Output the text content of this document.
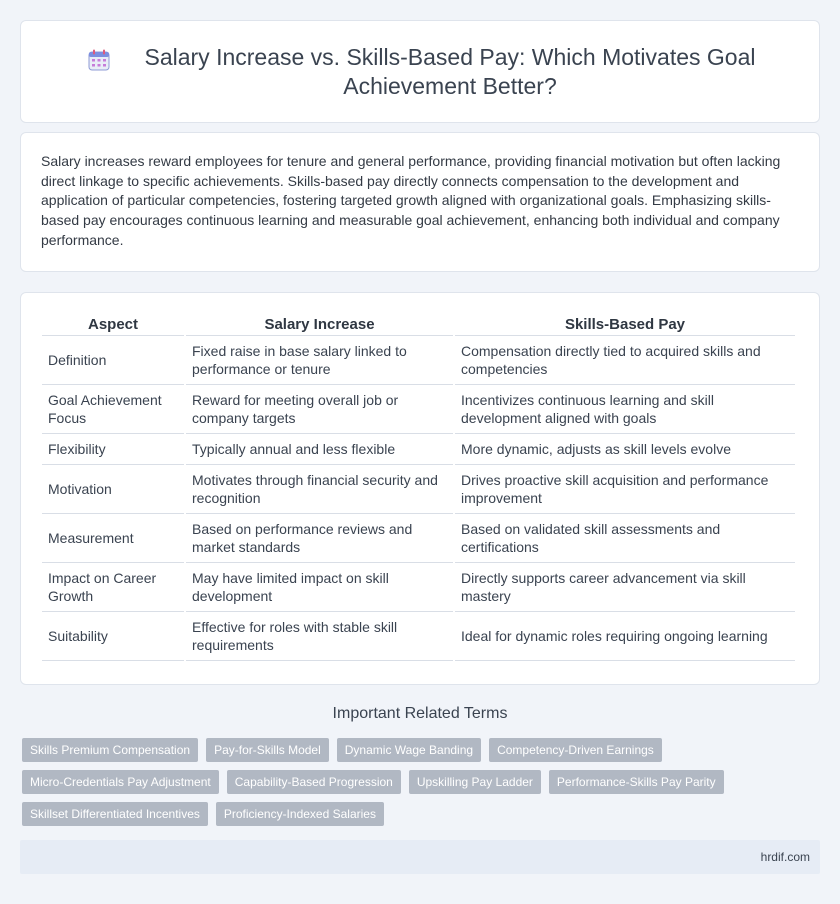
Salary Increase vs. Skills-Based Pay: Which Motivates Goal Achievement Better?

Salary increases reward employees for tenure and general performance, providing financial motivation but often lacking direct linkage to specific achievements. Skills-based pay directly connects compensation to the development and application of particular competencies, fostering targeted growth aligned with organizational goals. Emphasizing skills-based pay encourages continuous learning and measurable goal achievement, enhancing both individual and company performance.

Aspect	Salary Increase	Skills-Based Pay
Definition	Fixed raise in base salary linked to performance or tenure	Compensation directly tied to acquired skills and competencies
Goal Achievement Focus	Reward for meeting overall job or company targets	Incentivizes continuous learning and skill development aligned with goals
Flexibility	Typically annual and less flexible	More dynamic, adjusts as skill levels evolve
Motivation	Motivates through financial security and recognition	Drives proactive skill acquisition and performance improvement
Measurement	Based on performance reviews and market standards	Based on validated skill assessments and certifications
Impact on Career Growth	May have limited impact on skill development	Directly supports career advancement via skill mastery
Suitability	Effective for roles with stable skill requirements	Ideal for dynamic roles requiring ongoing learning
Important Related Terms
Skills Premium Compensation	Pay-for-Skills Model	Dynamic Wage Banding	Competency-Driven Earnings
Micro-Credentials Pay Adjustment	Capability-Based Progression	Upskilling Pay Ladder	Performance-Skills Pay Parity
Skillset Differentiated Incentives	Proficiency-Indexed Salaries
hrdif.com
